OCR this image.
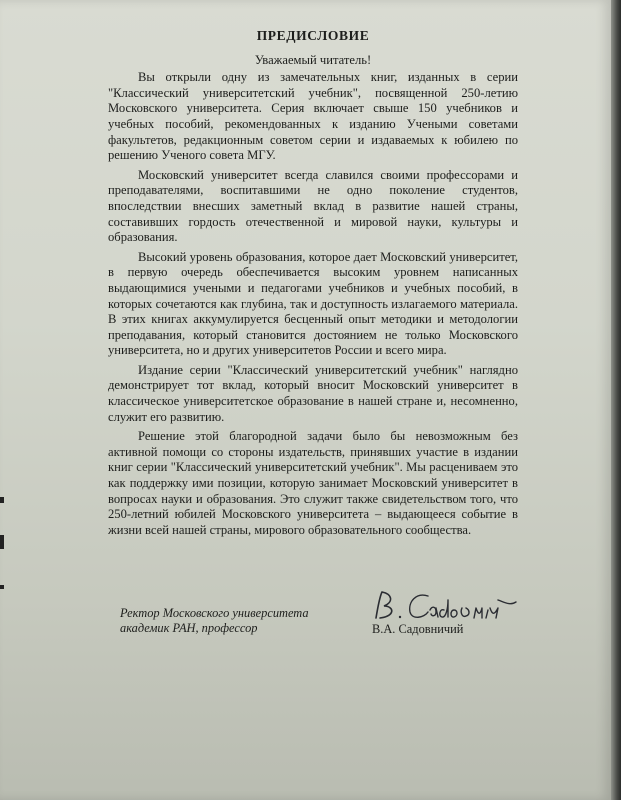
ПРЕДИСЛОВИЕ
Уважаемый читатель!

Вы открыли одну из замечательных книг, изданных в серии "Классический университетский учебник", посвященной 250-летию Московского университета. Серия включает свыше 150 учебников и учебных пособий, рекомендованных к изданию Учеными советами факультетов, редакционным советом серии и издаваемых к юбилею по решению Ученого совета МГУ.

Московский университет всегда славился своими профессорами и преподавателями, воспитавшими не одно поколение студентов, впоследствии внесших заметный вклад в развитие нашей страны, составивших гордость отечественной и мировой науки, культуры и образования.

Высокий уровень образования, которое дает Московский университет, в первую очередь обеспечивается высоким уровнем написанных выдающимися учеными и педагогами учебников и учебных пособий, в которых сочетаются как глубина, так и доступность излагаемого материала. В этих книгах аккумулируется бесценный опыт методики и методологии преподавания, который становится достоянием не только Московского университета, но и других университетов России и всего мира.

Издание серии "Классический университетский учебник" наглядно демонстрирует тот вклад, который вносит Московский университет в классическое университетское образование в нашей стране и, несомненно, служит его развитию.

Решение этой благородной задачи было бы невозможным без активной помощи со стороны издательств, принявших участие в издании книг серии "Классический университетский учебник". Мы расцениваем это как поддержку ими позиции, которую занимает Московский университет в вопросах науки и образования. Это служит также свидетельством того, что 250-летний юбилей Московского университета – выдающееся событие в жизни всей нашей страны, мирового образовательного сообщества.

Ректор Московского университета
академик РАН, профессор	В.А. Садовничий
